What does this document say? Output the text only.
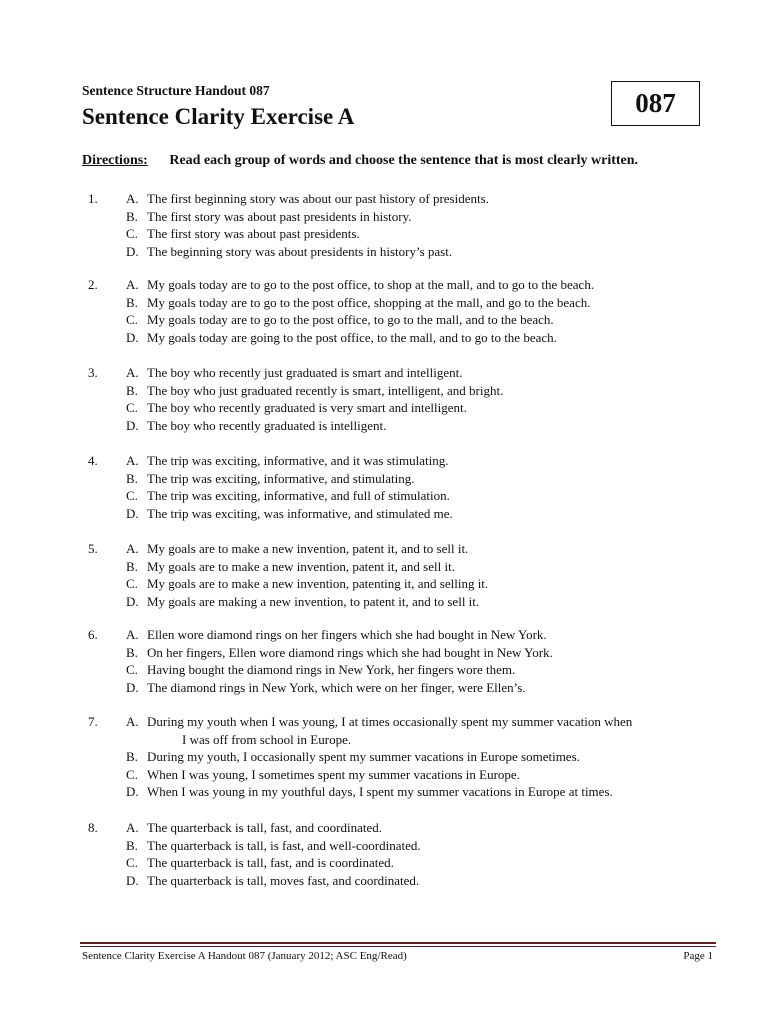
Sentence Structure Handout 087
Sentence Clarity Exercise A	087
Directions: Read each group of words and choose the sentence that is most clearly written.
1. A. The first beginning story was about our past history of presidents.
B. The first story was about past presidents in history.
C. The first story was about past presidents.
D. The beginning story was about presidents in history’s past.
2. A. My goals today are to go to the post office, to shop at the mall, and to go to the beach.
B. My goals today are to go to the post office, shopping at the mall, and go to the beach.
C. My goals today are to go to the post office, to go to the mall, and to the beach.
D. My goals today are going to the post office, to the mall, and to go to the beach.
3. A. The boy who recently just graduated is smart and intelligent.
B. The boy who just graduated recently is smart, intelligent, and bright.
C. The boy who recently graduated is very smart and intelligent.
D. The boy who recently graduated is intelligent.
4. A. The trip was exciting, informative, and it was stimulating.
B. The trip was exciting, informative, and stimulating.
C. The trip was exciting, informative, and full of stimulation.
D. The trip was exciting, was informative, and stimulated me.
5. A. My goals are to make a new invention, patent it, and to sell it.
B. My goals are to make a new invention, patent it, and sell it.
C. My goals are to make a new invention, patenting it, and selling it.
D. My goals are making a new invention, to patent it, and to sell it.
6. A. Ellen wore diamond rings on her fingers which she had bought in New York.
B. On her fingers, Ellen wore diamond rings which she had bought in New York.
C. Having bought the diamond rings in New York, her fingers wore them.
D. The diamond rings in New York, which were on her finger, were Ellen’s.
7. A. During my youth when I was young, I at times occasionally spent my summer vacation when
I was off from school in Europe.
B. During my youth, I occasionally spent my summer vacations in Europe sometimes.
C. When I was young, I sometimes spent my summer vacations in Europe.
D. When I was young in my youthful days, I spent my summer vacations in Europe at times.
8. A. The quarterback is tall, fast, and coordinated.
B. The quarterback is tall, is fast, and well-coordinated.
C. The quarterback is tall, fast, and is coordinated.
D. The quarterback is tall, moves fast, and coordinated.
Sentence Clarity Exercise A Handout 087 (January 2012; ASC Eng/Read)	Page 1
